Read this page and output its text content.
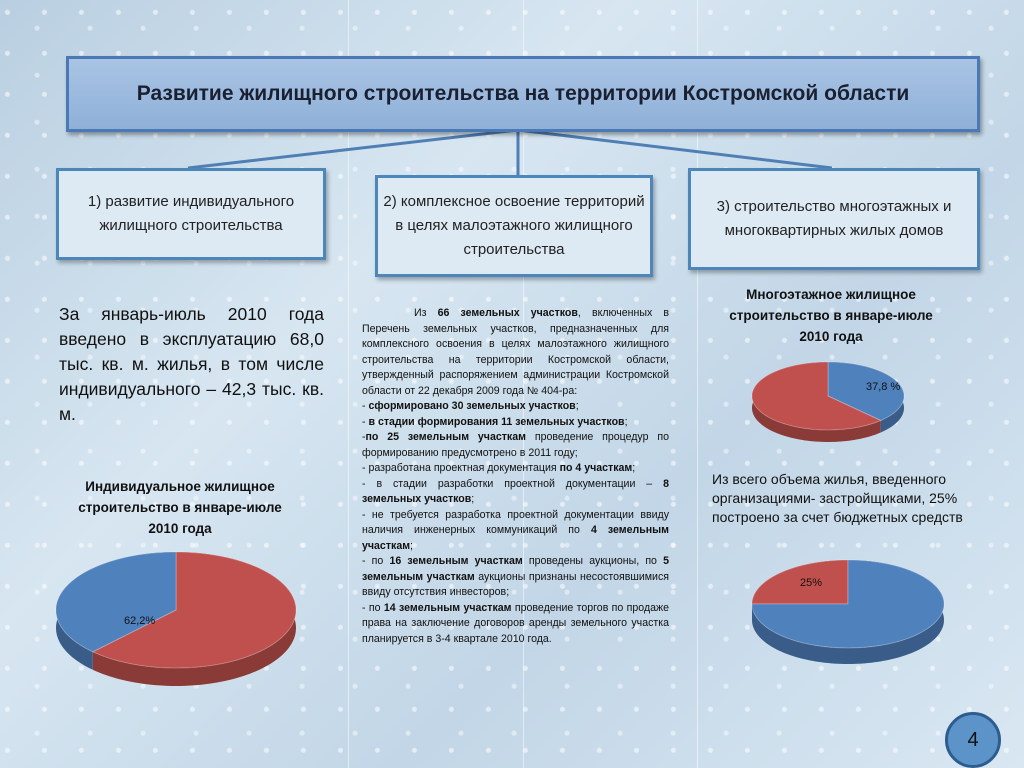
Развитие жилищного строительства на территории Костромской области
1) развитие индивидуального жилищного строительства
2) комплексное освоение территорий в целях малоэтажного жилищного строительства
3) строительство многоэтажных и многоквартирных жилых домов
За январь-июль 2010 года введено в эксплуатацию 68,0 тыс. кв. м. жилья, в том числе индивидуального – 42,3 тыс. кв. м.
Индивидуальное жилищное строительство в январе-июле 2010 года

Из 66 земельных участков, включенных в Перечень земельных участков, предназначенных для комплексного освоения в целях малоэтажного жилищного строительства на территории Костромской области, утвержденный распоряжением администрации Костромской области от 22 декабря 2009 года № 404-ра:

- сформировано 30 земельных участков;

- в стадии формирования 11 земельных участков;

-по 25 земельным участкам проведение процедур по формированию предусмотрено в 2011 году;

- разработана проектная документация по 4 участкам;

- в стадии разработки проектной документации – 8 земельных участков;

- не требуется разработка проектной документации ввиду наличия инженерных коммуникаций по 4 земельным участкам;

- по 16 земельным участкам проведены аукционы, по 5 земельным участкам аукционы признаны несостоявшимися ввиду отсутствия инвесторов;

- по 14 земельным участкам проведение торгов по продаже права на заключение договоров аренды земельного участка планируется в 3-4 квартале 2010 года.

Многоэтажное жилищное строительство в январе-июле 2010 года
Из всего объема жилья, введенного организациями- застройщиками, 25% построено за счет бюджетных средств
62,2%
37,8 %
25%
4
